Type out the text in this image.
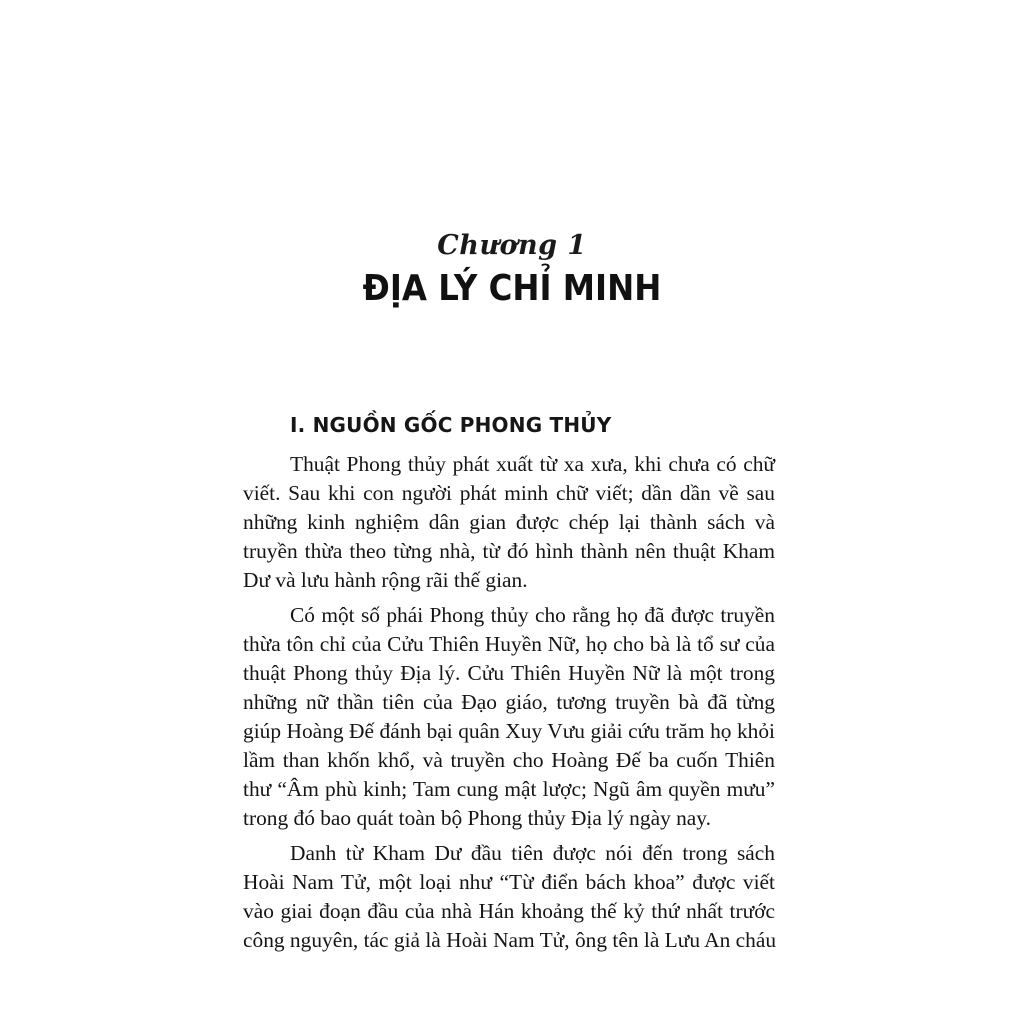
Chương 1
ĐỊA LÝ CHỈ MINH
I. NGUỒN GỐC PHONG THỦY
Thuật Phong thủy phát xuất từ xa xưa, khi chưa có chữ
viết. Sau khi con người phát minh chữ viết; dần dần về sau
những kinh nghiệm dân gian được chép lại thành sách và
truyền thừa theo từng nhà, từ đó hình thành nên thuật Kham
Dư và lưu hành rộng rãi thế gian.
Có một số phái Phong thủy cho rằng họ đã được truyền
thừa tôn chỉ của Cửu Thiên Huyền Nữ, họ cho bà là tổ sư của
thuật Phong thủy Địa lý. Cửu Thiên Huyền Nữ là một trong
những nữ thần tiên của Đạo giáo, tương truyền bà đã từng
giúp Hoàng Đế đánh bại quân Xuy Vưu giải cứu trăm họ khỏi
lầm than khốn khổ, và truyền cho Hoàng Đế ba cuốn Thiên
thư “Âm phù kinh; Tam cung mật lược; Ngũ âm quyền mưu”
trong đó bao quát toàn bộ Phong thủy Địa lý ngày nay.
Danh từ Kham Dư đầu tiên được nói đến trong sách
Hoài Nam Tử, một loại như “Từ điển bách khoa” được viết
vào giai đoạn đầu của nhà Hán khoảng thế kỷ thứ nhất trước
công nguyên, tác giả là Hoài Nam Tử, ông tên là Lưu An cháu
